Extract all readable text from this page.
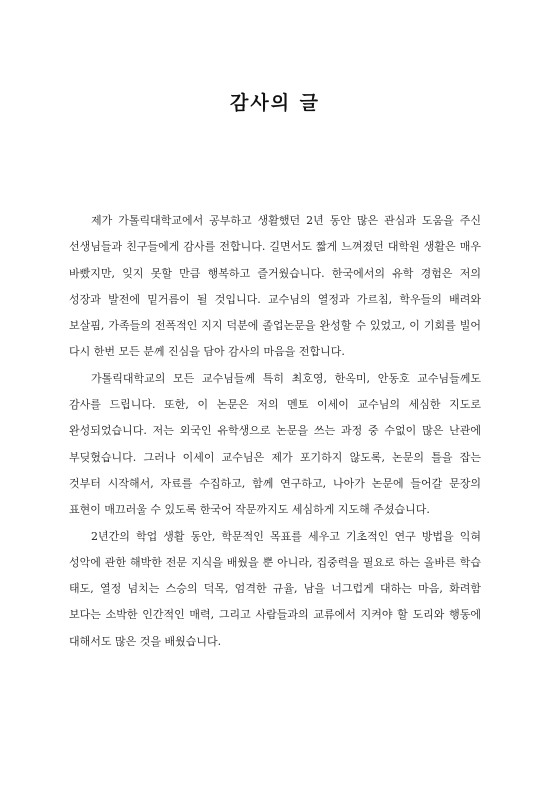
감사의 글

제가 가톨릭대학교에서 공부하고 생활했던 2년 동안 많은 관심과 도움을 주신 선생님들과 친구들에게 감사를 전합니다. 길면서도 짧게 느껴졌던 대학원 생활은 매우 바빴지만, 잊지 못할 만큼 행복하고 즐거웠습니다. 한국에서의 유학 경험은 저의 성장과 발전에 밑거름이 될 것입니다. 교수님의 열정과 가르침, 학우들의 배려와 보살핌, 가족들의 전폭적인 지지 덕분에 졸업논문을 완성할 수 있었고, 이 기회를 빌어 다시 한번 모든 분께 진심을 담아 감사의 마음을 전합니다.

가톨릭대학교의 모든 교수님들께 특히 최호영, 한옥미, 안동호 교수님들께도 감사를 드립니다. 또한, 이 논문은 저의 멘토 이세이 교수님의 세심한 지도로 완성되었습니다. 저는 외국인 유학생으로 논문을 쓰는 과정 중 수없이 많은 난관에 부딪혔습니다. 그러나 이세이 교수님은 제가 포기하지 않도록, 논문의 틀을 잡는 것부터 시작해서, 자료를 수집하고, 함께 연구하고, 나아가 논문에 들어갈 문장의 표현이 매끄러울 수 있도록 한국어 작문까지도 세심하게 지도해 주셨습니다.

2년간의 학업 생활 동안, 학문적인 목표를 세우고 기초적인 연구 방법을 익혀 성악에 관한 해박한 전문 지식을 배웠을 뿐 아니라, 집중력을 필요로 하는 올바른 학습 태도, 열정 넘치는 스승의 덕목, 엄격한 규율, 남을 너그럽게 대하는 마음, 화려함 보다는 소박한 인간적인 매력, 그리고 사람들과의 교류에서 지켜야 할 도리와 행동에 대해서도 많은 것을 배웠습니다.
